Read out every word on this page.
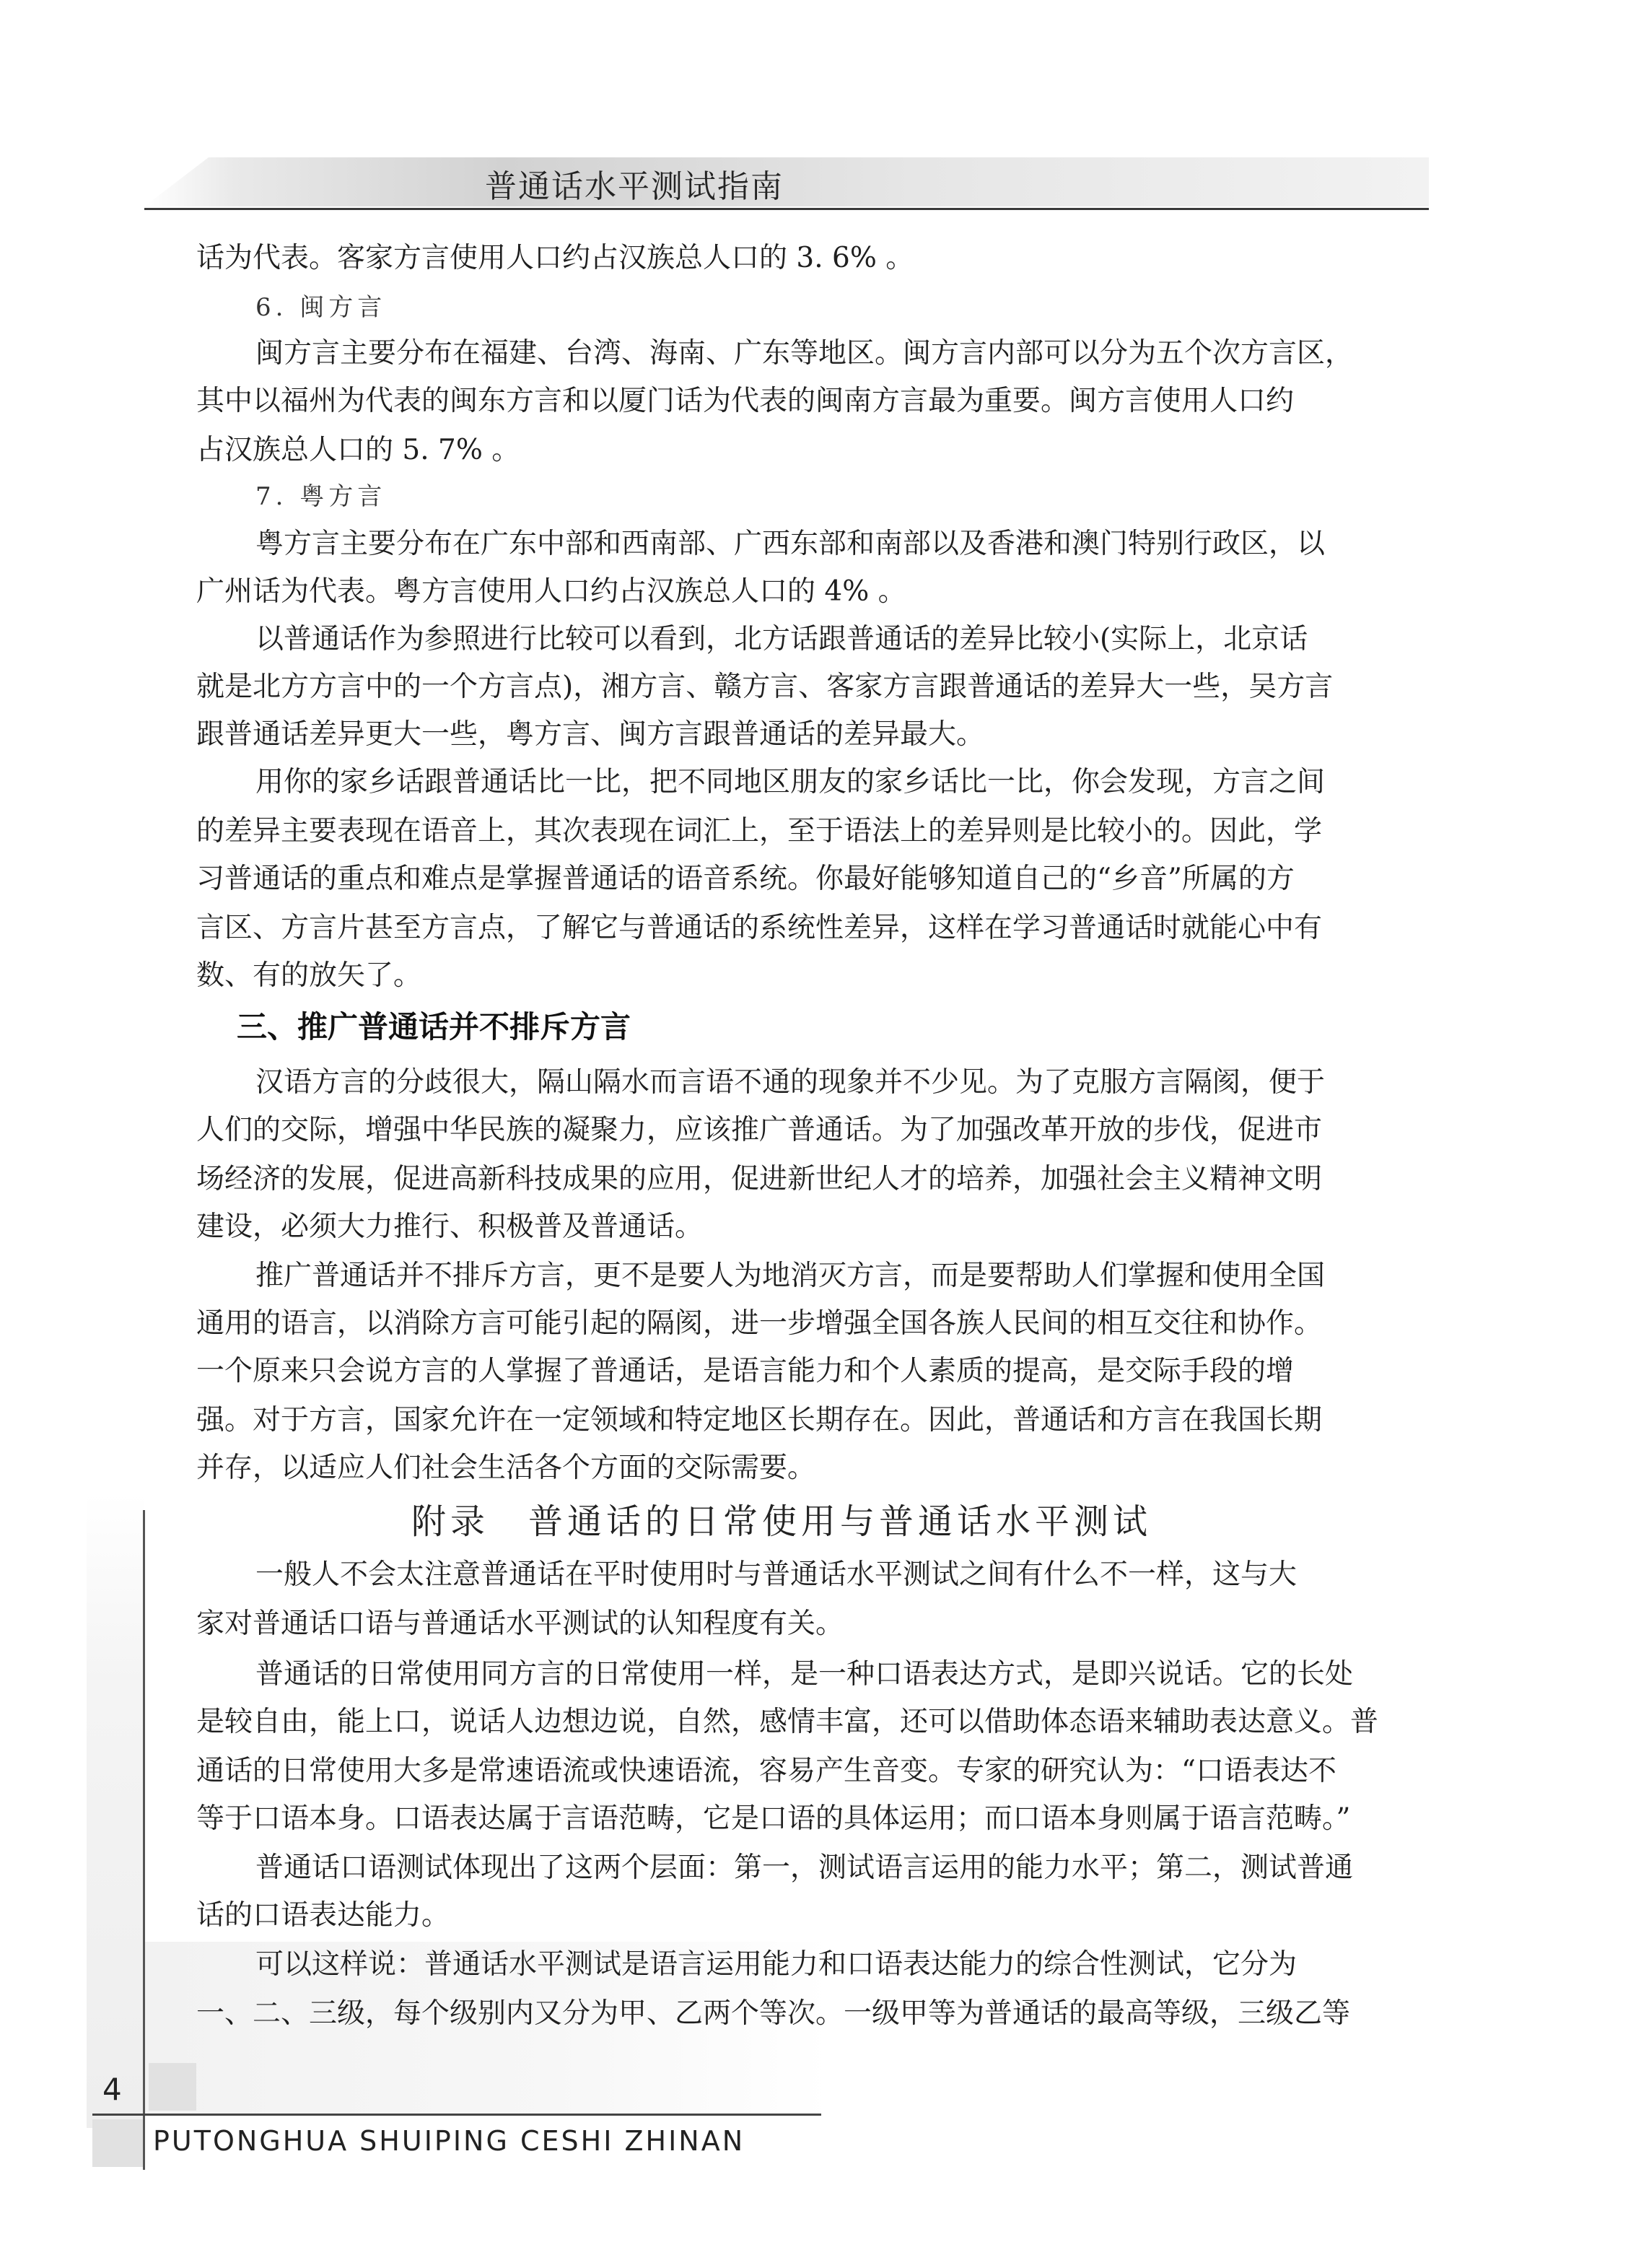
普通话水平测试指南
话为代表。客家方言使用人口约占汉族总人口的 3. 6% 。
6. 闽方言
闽方言主要分布在福建、台湾、海南、广东等地区。闽方言内部可以分为五个次方言区，
其中以福州为代表的闽东方言和以厦门话为代表的闽南方言最为重要。闽方言使用人口约
占汉族总人口的 5. 7% 。
7. 粤方言
粤方言主要分布在广东中部和西南部、广西东部和南部以及香港和澳门特别行政区，以
广州话为代表。粤方言使用人口约占汉族总人口的 4% 。
以普通话作为参照进行比较可以看到，北方话跟普通话的差异比较小(实际上，北京话
就是北方方言中的一个方言点)，湘方言、赣方言、客家方言跟普通话的差异大一些，吴方言
跟普通话差异更大一些，粤方言、闽方言跟普通话的差异最大。
用你的家乡话跟普通话比一比，把不同地区朋友的家乡话比一比，你会发现，方言之间
的差异主要表现在语音上，其次表现在词汇上，至于语法上的差异则是比较小的。因此，学
习普通话的重点和难点是掌握普通话的语音系统。你最好能够知道自己的“乡音”所属的方
言区、方言片甚至方言点，了解它与普通话的系统性差异，这样在学习普通话时就能心中有
数、有的放矢了。
三、推广普通话并不排斥方言
汉语方言的分歧很大，隔山隔水而言语不通的现象并不少见。为了克服方言隔阂，便于
人们的交际，增强中华民族的凝聚力，应该推广普通话。为了加强改革开放的步伐，促进市
场经济的发展，促进高新科技成果的应用，促进新世纪人才的培养，加强社会主义精神文明
建设，必须大力推行、积极普及普通话。
推广普通话并不排斥方言，更不是要人为地消灭方言，而是要帮助人们掌握和使用全国
通用的语言，以消除方言可能引起的隔阂，进一步增强全国各族人民间的相互交往和协作。
一个原来只会说方言的人掌握了普通话，是语言能力和个人素质的提高，是交际手段的增
强。对于方言，国家允许在一定领域和特定地区长期存在。因此，普通话和方言在我国长期
并存，以适应人们社会生活各个方面的交际需要。
附录　普通话的日常使用与普通话水平测试
一般人不会太注意普通话在平时使用时与普通话水平测试之间有什么不一样，这与大
家对普通话口语与普通话水平测试的认知程度有关。
普通话的日常使用同方言的日常使用一样，是一种口语表达方式，是即兴说话。它的长处
是较自由，能上口，说话人边想边说，自然，感情丰富，还可以借助体态语来辅助表达意义。普
通话的日常使用大多是常速语流或快速语流，容易产生音变。专家的研究认为：“口语表达不
等于口语本身。口语表达属于言语范畴，它是口语的具体运用；而口语本身则属于语言范畴。”
普通话口语测试体现出了这两个层面：第一，测试语言运用的能力水平；第二，测试普通
话的口语表达能力。
可以这样说：普通话水平测试是语言运用能力和口语表达能力的综合性测试，它分为
一、二、三级，每个级别内又分为甲、乙两个等次。一级甲等为普通话的最高等级，三级乙等
4
PUTONGHUA SHUIPING CESHI ZHINAN
